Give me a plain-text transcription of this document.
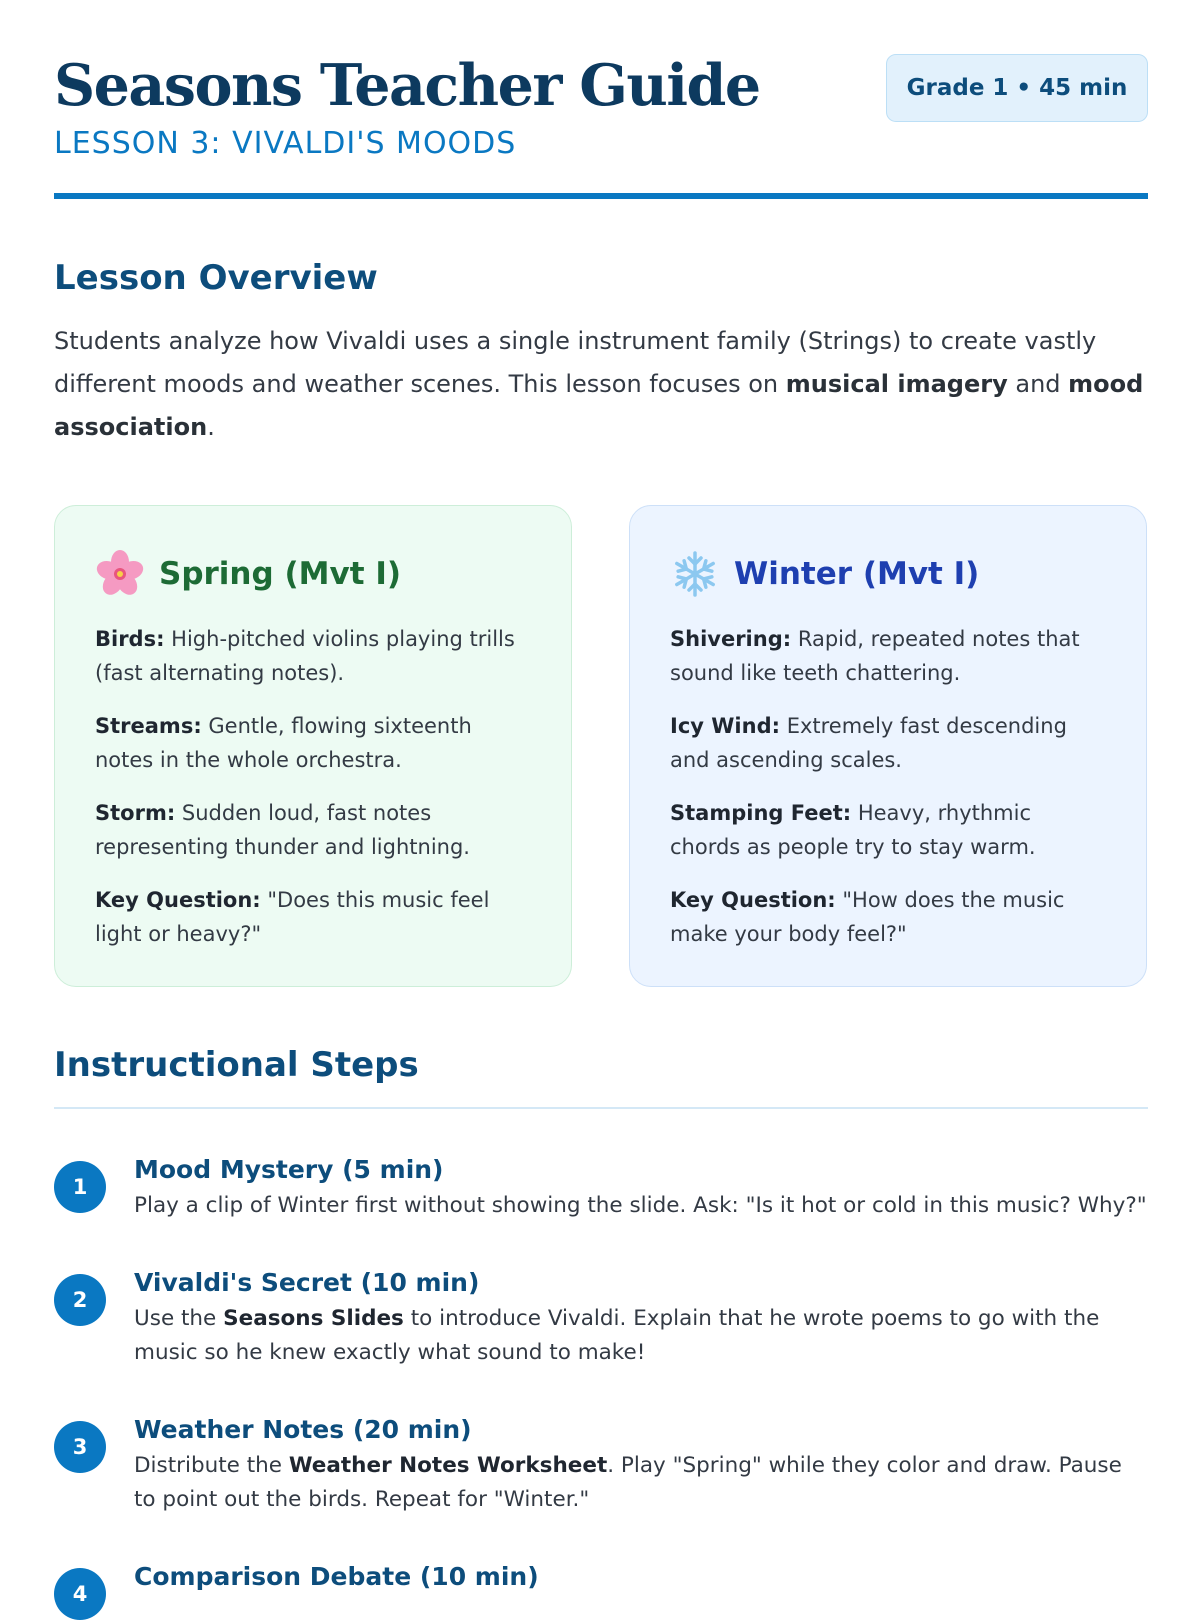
Seasons Teacher Guide
LESSON 3: VIVALDI'S MOODS
Grade 1 • 45 min
Lesson Overview

Students analyze how Vivaldi uses a single instrument family (Strings) to create vastly different moods and weather scenes. This lesson focuses on musical imagery and mood association.

Spring (Mvt I)

Birds: High-pitched violins playing trills (fast alternating notes).

Streams: Gentle, flowing sixteenth notes in the whole orchestra.

Storm: Sudden loud, fast notes representing thunder and lightning.

Key Question: "Does this music feel light or heavy?"

Winter (Mvt I)

Shivering: Rapid, repeated notes that sound like teeth chattering.

Icy Wind: Extremely fast descending and ascending scales.

Stamping Feet: Heavy, rhythmic chords as people try to stay warm.

Key Question: "How does the music make your body feel?"

Instructional Steps
1
Mood Mystery (5 min)
Play a clip of Winter first without showing the slide. Ask: "Is it hot or cold in this music? Why?"
2
Vivaldi's Secret (10 min)
Use the Seasons Slides to introduce Vivaldi. Explain that he wrote poems to go with the music so he knew exactly what sound to make!
3
Weather Notes (20 min)
Distribute the Weather Notes Worksheet. Play "Spring" while they color and draw. Pause to point out the birds. Repeat for "Winter."
4
Comparison Debate (10 min)
